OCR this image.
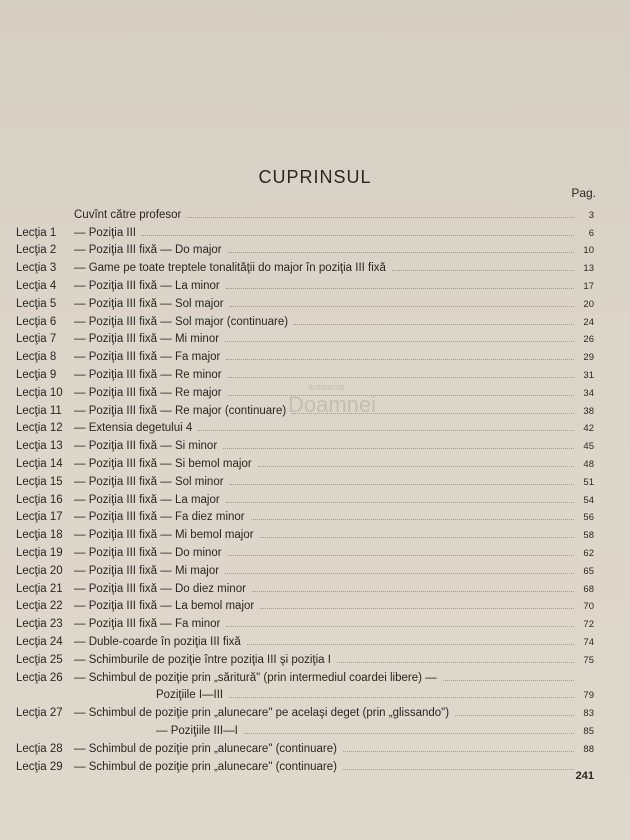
CUPRINSUL
Pag.
Cuvînt către profesor	3
Lecţia 1	— Poziţia III	6
Lecţia 2	— Poziţia III fixă — Do major	10
Lecţia 3	— Game pe toate treptele tonalităţii do major în poziţia III fixă	13
Lecţia 4	— Poziţia III fixă — La minor	17
Lecţia 5	— Poziţia III fixă — Sol major	20
Lecţia 6	— Poziţia III fixă — Sol major (continuare)	24
Lecţia 7	— Poziţia III fixă — Mi minor	26
Lecţia 8	— Poziţia III fixă — Fa major	29
Lecţia 9	— Poziţia III fixă — Re minor	31
Lecţia 10 — Poziţia III fixă — Re major	34
Lecţia 11	— Poziţia III fixă — Re major (continuare)	38
Lecţia 12 — Extensia degetului 4	42
Lecţia 13 — Poziţia III fixă — Si minor	45
Lecţia 14 — Poziţia III fixă — Si bemol major	48
Lecţia 15 — Poziţia III fixă — Sol minor	51
Lecţia 16 — Poziţia III fixă — La major	54
Lecţia 17 — Poziţia III fixă — Fa diez minor	56
Lecţia 18 — Poziţia III fixă — Mi bemol major	58
Lecţia 19 — Poziţia III fixă — Do minor	62
Lecţia 20 — Poziţia III fixă — Mi major	65
Lecţia 21 — Poziţia III fixă — Do diez minor	68
Lecţia 22 — Poziţia III fixă — La bemol major	70
Lecţia 23 — Poziţia III fixă — Fa minor	72
Lecţia 24 — Duble-coarde în poziţia III fixă	74
Lecţia 25 — Schimburile de poziţie între poziţia III şi poziţia I	75
Lecţia 26 — Schimbul de poziţie prin „săritură" (prin intermediul coardei libere) —
Poziţiile I—III	79
Lecţia 27 — Schimbul de poziţie prin „alunecare" pe acelaşi deget (prin „glissando")	83
— Poziţiile III—I	85
Lecţia 28 — Schimbul de poziţie prin „alunecare" (continuare)	88
Lecţia 29 — Schimbul de poziţie prin „alunecare" (continuare)
anticariat
Doamnei
241
